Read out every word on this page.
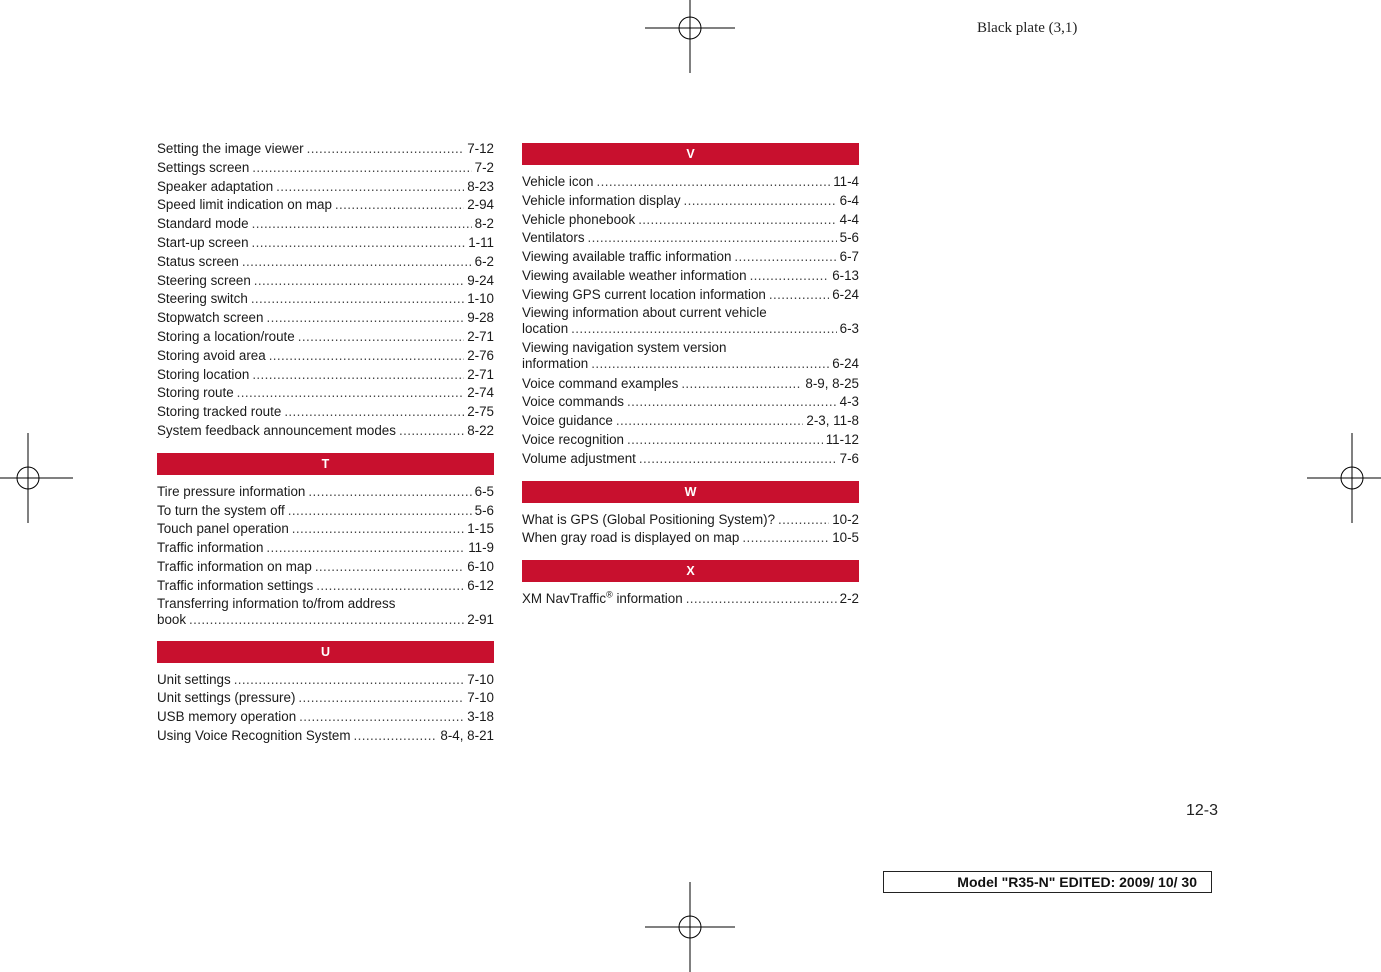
Black plate (3,1)
Setting the image viewer .....	7-12
Settings screen .....	7-2
Speaker adaptation .....	8-23
Speed limit indication on map .....	2-94
Standard mode .....	8-2
Start-up screen .....	1-11
Status screen .....	6-2
Steering screen .....	9-24
Steering switch .....	1-10
Stopwatch screen .....	9-28
Storing a location/route .....	2-71
Storing avoid area .....	2-76
Storing location .....	2-71
Storing route .....	2-74
Storing tracked route .....	2-75
System feedback announcement modes .....	8-22
T
Tire pressure information .....	6-5
To turn the system off .....	5-6
Touch panel operation .....	1-15
Traffic information .....	11-9
Traffic information on map .....	6-10
Traffic information settings .....	6-12
Transferring information to/from address
book .....	2-91
U
Unit settings .....	7-10
Unit settings (pressure) .....	7-10
USB memory operation .....	3-18
Using Voice Recognition System .....	8-4, 8-21
V
Vehicle icon .....	11-4
Vehicle information display .....	6-4
Vehicle phonebook .....	4-4
Ventilators .....	5-6
Viewing available traffic information .....	6-7
Viewing available weather information .....	6-13
Viewing GPS current location information .....	6-24
Viewing information about current vehicle
location .....	6-3
Viewing navigation system version
information .....	6-24
Voice command examples .....	8-9, 8-25
Voice commands .....	4-3
Voice guidance .....	2-3, 11-8
Voice recognition .....	11-12
Volume adjustment .....	7-6
W
What is GPS (Global Positioning System)? .....	10-2
When gray road is displayed on map .....	10-5
X
XM NavTraffic® information .....	2-2
12-3
Model "R35-N" EDITED: 2009/ 10/ 30
